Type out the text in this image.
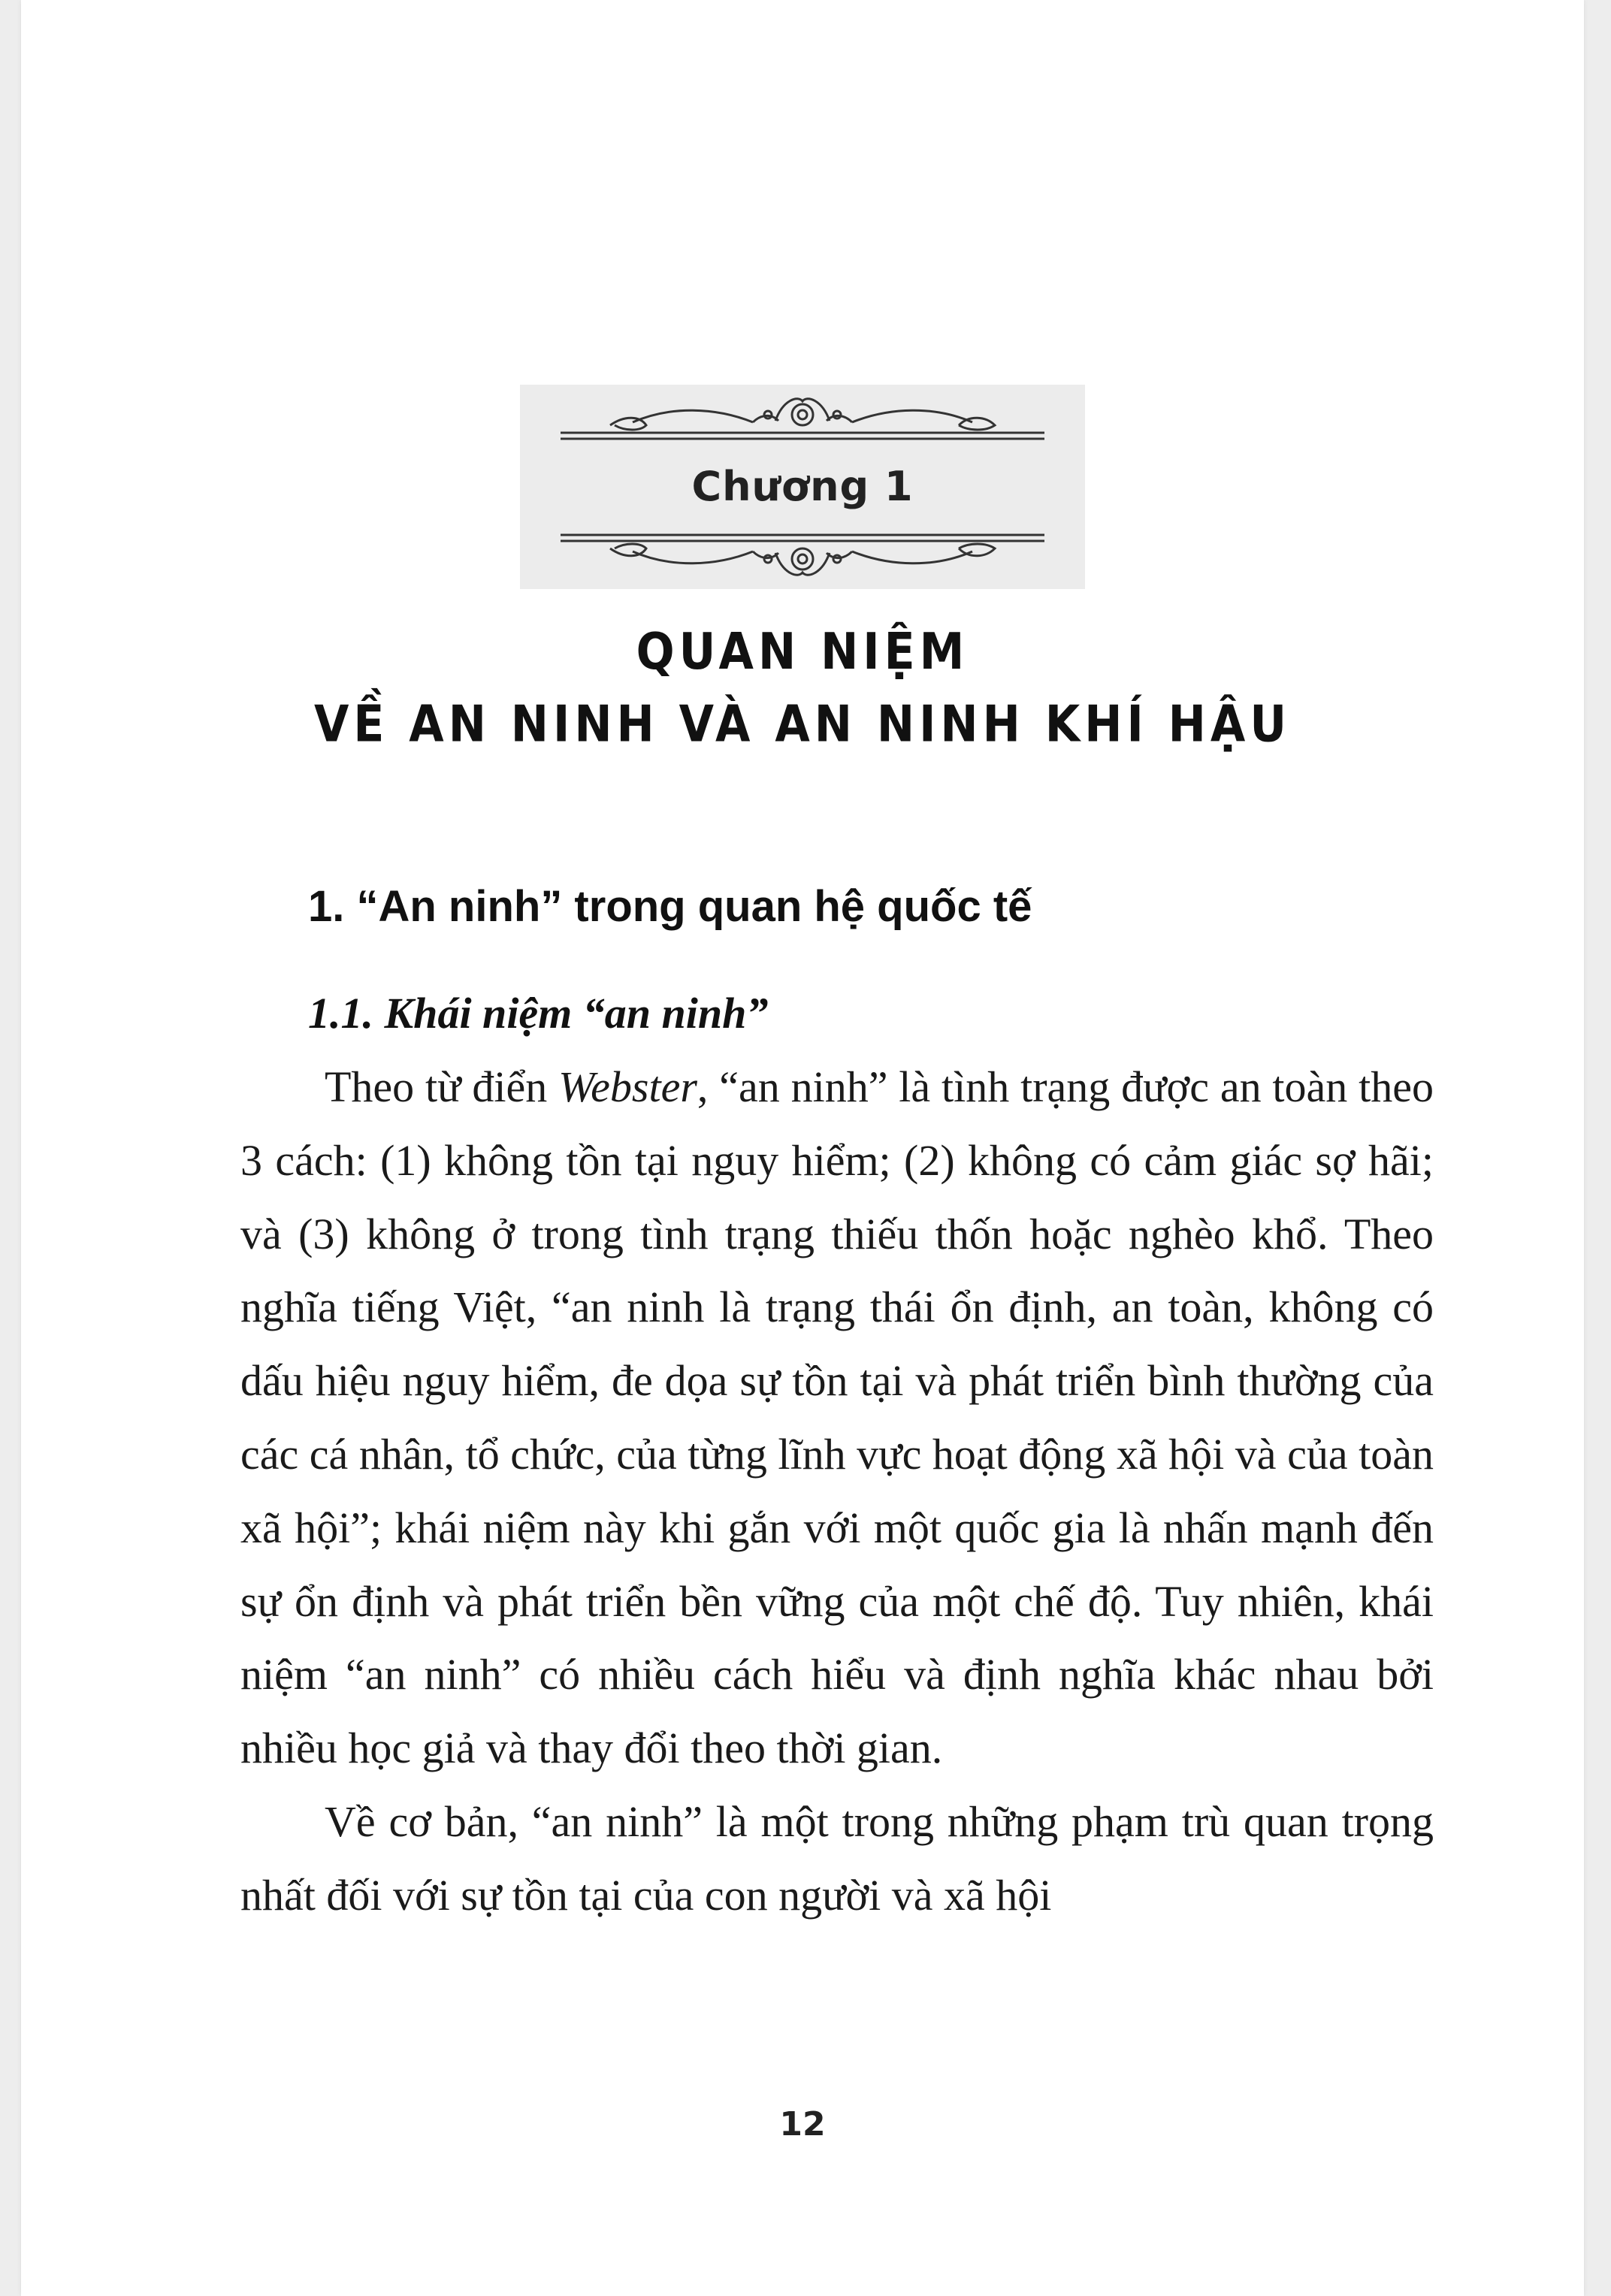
Chương 1
QUAN NIỆM
VỀ AN NINH VÀ AN NINH KHÍ HẬU
1. “An ninh” trong quan hệ quốc tế
1.1. Khái niệm “an ninh”

Theo từ điển Webster, “an ninh” là tình trạng được an toàn theo 3 cách: (1) không tồn tại nguy hiểm; (2) không có cảm giác sợ hãi; và (3) không ở trong tình trạng thiếu thốn hoặc nghèo khổ. Theo nghĩa tiếng Việt, “an ninh là trạng thái ổn định, an toàn, không có dấu hiệu nguy hiểm, đe dọa sự tồn tại và phát triển bình thường của các cá nhân, tổ chức, của từng lĩnh vực hoạt động xã hội và của toàn xã hội”; khái niệm này khi gắn với một quốc gia là nhấn mạnh đến sự ổn định và phát triển bền vững của một chế độ. Tuy nhiên, khái niệm “an ninh” có nhiều cách hiểu và định nghĩa khác nhau bởi nhiều học giả và thay đổi theo thời gian.

Về cơ bản, “an ninh” là một trong những phạm trù quan trọng nhất đối với sự tồn tại của con người và xã hội

12
